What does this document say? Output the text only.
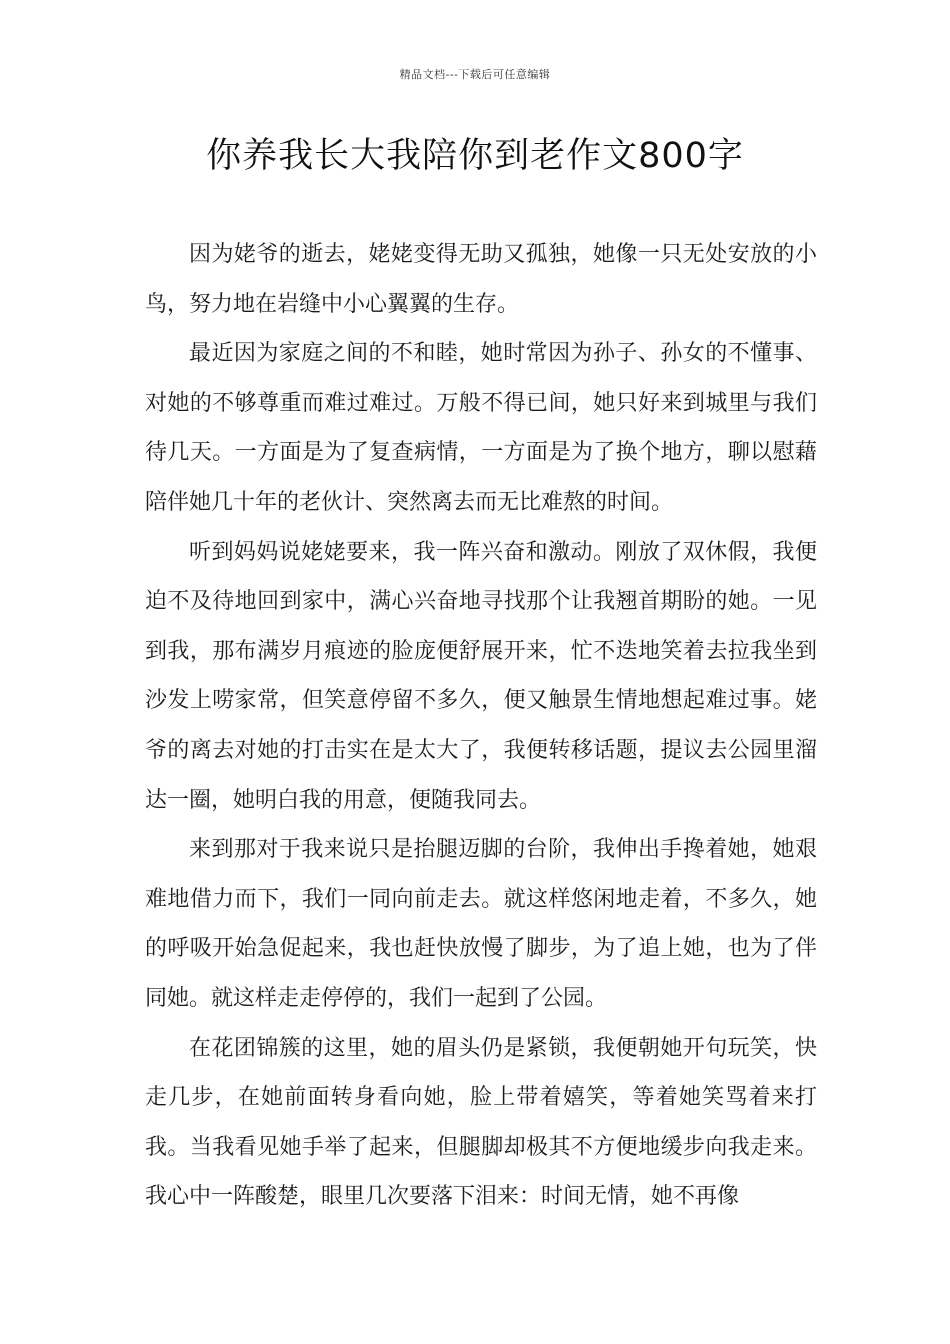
精品文档---下载后可任意编辑
你养我长大我陪你到老作文800字

因为姥爷的逝去，姥姥变得无助又孤独，她像一只无处安放的小鸟，努力地在岩缝中小心翼翼的生存。

最近因为家庭之间的不和睦，她时常因为孙子、孙女的不懂事、对她的不够尊重而难过难过。万般不得已间，她只好来到城里与我们待几天。一方面是为了复查病情，一方面是为了换个地方，聊以慰藉陪伴她几十年的老伙计、突然离去而无比难熬的时间。

听到妈妈说姥姥要来，我一阵兴奋和激动。刚放了双休假，我便迫不及待地回到家中，满心兴奋地寻找那个让我翘首期盼的她。一见到我，那布满岁月痕迹的脸庞便舒展开来，忙不迭地笑着去拉我坐到沙发上唠家常，但笑意停留不多久，便又触景生情地想起难过事。姥爷的离去对她的打击实在是太大了，我便转移话题，提议去公园里溜达一圈，她明白我的用意，便随我同去。

来到那对于我来说只是抬腿迈脚的台阶，我伸出手搀着她，她艰难地借力而下，我们一同向前走去。就这样悠闲地走着，不多久，她的呼吸开始急促起来，我也赶快放慢了脚步，为了追上她，也为了伴同她。就这样走走停停的，我们一起到了公园。

在花团锦簇的这里，她的眉头仍是紧锁，我便朝她开句玩笑，快走几步，在她前面转身看向她，脸上带着嬉笑，等着她笑骂着来打我。当我看见她手举了起来，但腿脚却极其不方便地缓步向我走来。我心中一阵酸楚，眼里几次要落下泪来：时间无情，她不再像
